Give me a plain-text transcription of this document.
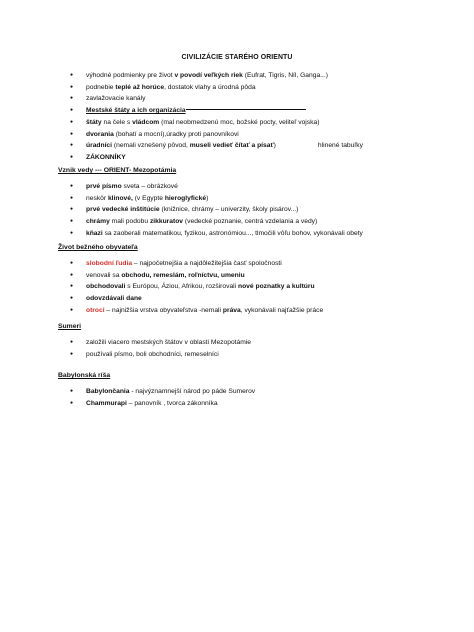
CIVILIZÁCIE STARÉHO ORIENTU
● výhodné podmienky pre život v povodí veľkých riek (Eufrat, Tigris, Níl, Ganga...)
● podnebie teplé až horúce, dostatok vlahy a úrodná pôda
● zavlažovacie kanály
● Mestské štáty a ich organizácia
● štáty na čele s vládcom (mal neobmedzenú moc, božské pocty, veliteľ vojska)
● dvorania (bohatí a mocní),úradky proti panovníkovi
● úradníci (nemali vznešený pôvod, museli vedieť čítať a písať)	hlinené tabuľky
● ZÁKONNÍKY

Vznik vedy --- ORIENT- Mezopotámia

● prvé písmo sveta – obrázkové
● neskôr klinové, (v Egypte hieroglyfické)
● prvé vedecké inštitúcie (knižnice, chrámy – univerzity, školy pisárov...)
● chrámy mali podobu zikkuratov (vedecké poznanie, centrá vzdelania a vedy)
● kňazi sa zaoberali matematikou, fyzikou, astronómiou..., tlmočili vôľu bohov, vykonávali obety

Život bežného obyvateľa

● slobodní ľudia – najpočetnejšia a najdôležitejšia časť spoločnosti
● venovali sa obchodu, remeslám, roľníctvu, umeniu
● obchodovali s Európou, Áziou, Afrikou, rozširovali nové poznatky a kultúru
● odovzdávali dane
● otroci – najnižšia vrstva obyvateľstva -nemali práva, vykonávali najťažšie práce

Sumeri

● založili viacero mestských štátov v oblasti Mezopotámie
● používali písmo, boli obchodníci, remeselníci

Babylonská ríša

● Babylončania - najvýznamnejší národ po páde Sumerov
● Chammurapi – panovník , tvorca zákonníka
